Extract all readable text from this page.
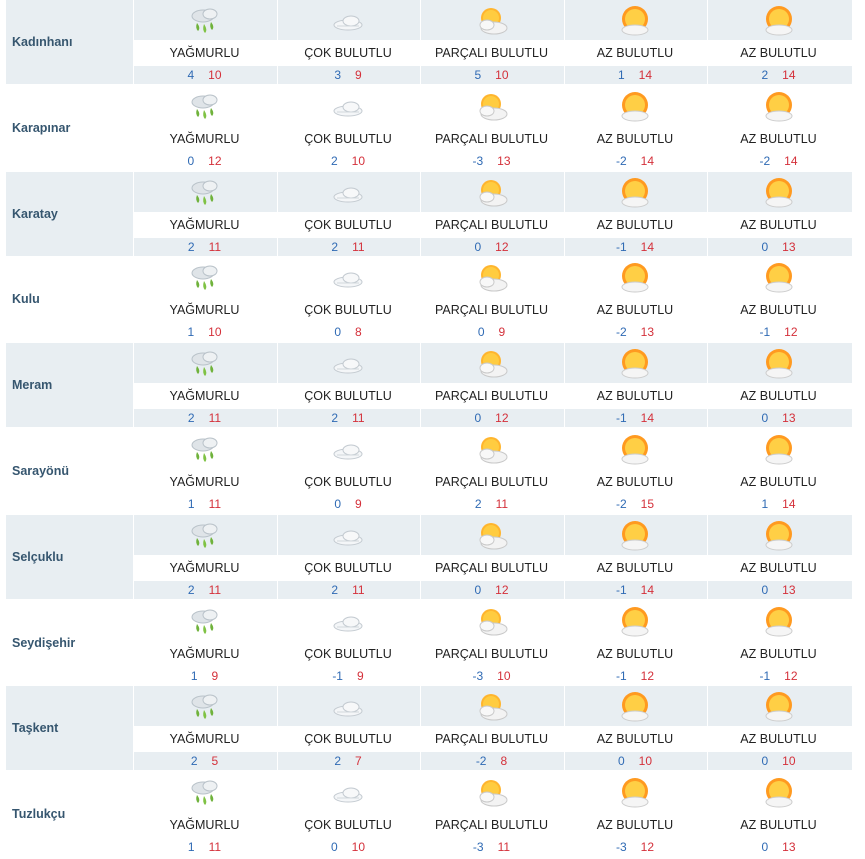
Kadınhanı
YAĞMURLU
4 10
ÇOK BULUTLU
3 9
PARÇALI BULUTLU
5 10
AZ BULUTLU
1 14
AZ BULUTLU
2 14
Karapınar
YAĞMURLU
0 12
ÇOK BULUTLU
2 10
PARÇALI BULUTLU
-3 13
AZ BULUTLU
-2 14
AZ BULUTLU
-2 14
Karatay
YAĞMURLU
2 11
ÇOK BULUTLU
2 11
PARÇALI BULUTLU
0 12
AZ BULUTLU
-1 14
AZ BULUTLU
0 13
Kulu
YAĞMURLU
1 10
ÇOK BULUTLU
0 8
PARÇALI BULUTLU
0 9
AZ BULUTLU
-2 13
AZ BULUTLU
-1 12
Meram
YAĞMURLU
2 11
ÇOK BULUTLU
2 11
PARÇALI BULUTLU
0 12
AZ BULUTLU
-1 14
AZ BULUTLU
0 13
Sarayönü
YAĞMURLU
1 11
ÇOK BULUTLU
0 9
PARÇALI BULUTLU
2 11
AZ BULUTLU
-2 15
AZ BULUTLU
1 14
Selçuklu
YAĞMURLU
2 11
ÇOK BULUTLU
2 11
PARÇALI BULUTLU
0 12
AZ BULUTLU
-1 14
AZ BULUTLU
0 13
Seydişehir
YAĞMURLU
1 9
ÇOK BULUTLU
-1 9
PARÇALI BULUTLU
-3 10
AZ BULUTLU
-1 12
AZ BULUTLU
-1 12
Taşkent
YAĞMURLU
2 5
ÇOK BULUTLU
2 7
PARÇALI BULUTLU
-2 8
AZ BULUTLU
0 10
AZ BULUTLU
0 10
Tuzlukçu
YAĞMURLU
1 11
ÇOK BULUTLU
0 10
PARÇALI BULUTLU
-3 11
AZ BULUTLU
-3 12
AZ BULUTLU
0 13
